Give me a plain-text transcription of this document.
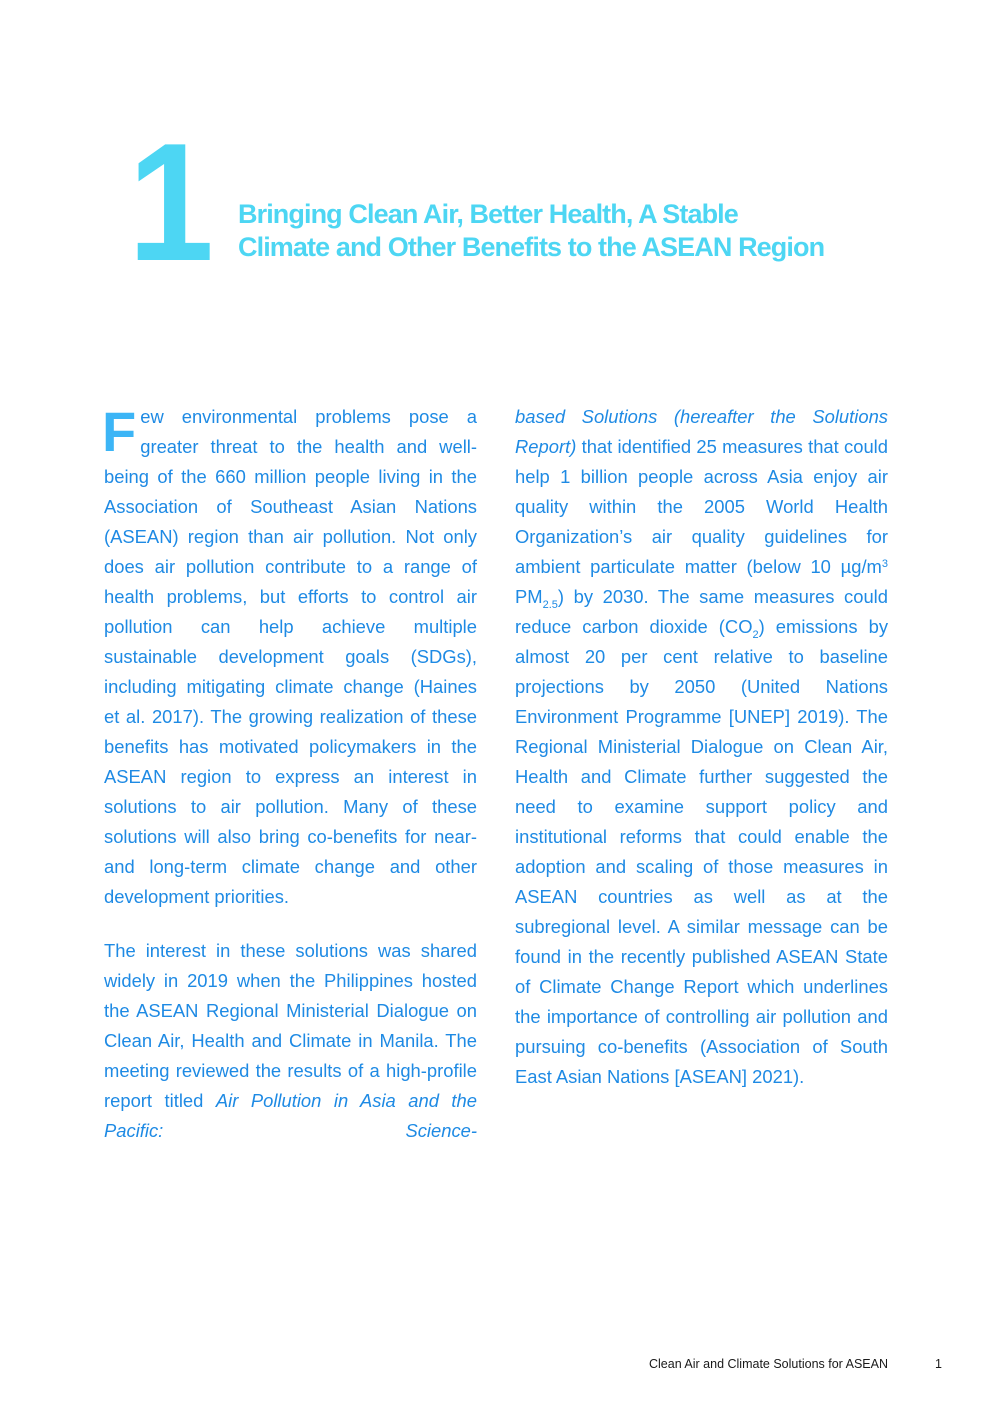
1 Bringing Clean Air, Better Health, A Stable
Climate and Other Benefits to the ASEAN Region

Few environmental problems pose a greater threat to the health and well-being of the 660 million people living in the Association of Southeast Asian Nations (ASEAN) region than air pollution. Not only does air pollution contribute to a range of health problems, but efforts to control air pollution can help achieve multiple sustainable development goals (SDGs), including mitigating climate change (Haines et al. 2017). The growing realization of these benefits has motivated policymakers in the ASEAN region to express an interest in solutions to air pollution. Many of these solutions will also bring co-benefits for near- and long-term climate change and other development priorities.

The interest in these solutions was shared widely in 2019 when the Philippines hosted the ASEAN Regional Ministerial Dialogue on Clean Air, Health and Climate in Manila. The meeting reviewed the results of a high-profile report titled Air Pollution in Asia and the Pacific: Science-

based Solutions (hereafter the Solutions Report) that identified 25 measures that could help 1 billion people across Asia enjoy air quality within the 2005 World Health Organization’s air quality guidelines for ambient particulate matter (below 10 $\mu g/m^3$ $PM_{2.5}$) by 2030. The same measures could reduce carbon dioxide $(CO_2)$ emissions by almost 20 per cent relative to baseline projections by 2050 (United Nations Environment Programme [UNEP] 2019). The Regional Ministerial Dialogue on Clean Air, Health and Climate further suggested the need to examine support policy and institutional reforms that could enable the adoption and scaling of those measures in ASEAN countries as well as at the subregional level. A similar message can be found in the recently published ASEAN State of Climate Change Report which underlines the importance of controlling air pollution and pursuing co-benefits (Association of South East Asian Nations [ASEAN] 2021).

Clean Air and Climate Solutions for ASEAN	1
